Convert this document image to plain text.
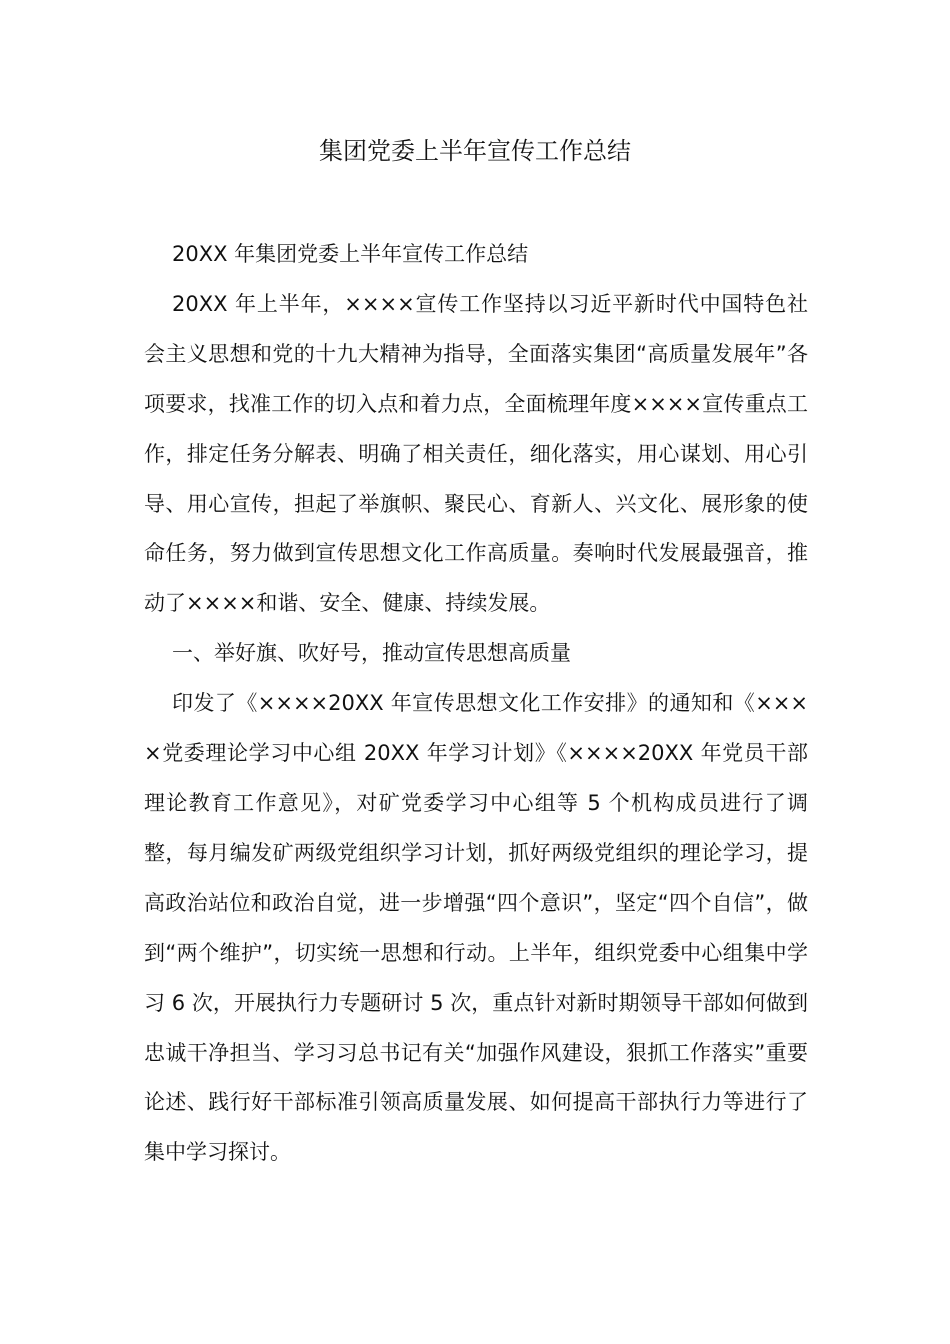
集团党委上半年宣传工作总结

20XX 年集团党委上半年宣传工作总结

20XX 年上半年，××××宣传工作坚持以习近平新时代中国特色社会主义思想和党的十九大精神为指导，全面落实集团“高质量发展年”各项要求，找准工作的切入点和着力点，全面梳理年度××××宣传重点工作，排定任务分解表、明确了相关责任，细化落实，用心谋划、用心引导、用心宣传，担起了举旗帜、聚民心、育新人、兴文化、展形象的使命任务，努力做到宣传思想文化工作高质量。奏响时代发展最强音，推动了××××和谐、安全、健康、持续发展。

一、举好旗、吹好号，推动宣传思想高质量

印发了《××××20XX 年宣传思想文化工作安排》的通知和《××××党委理论学习中心组 20XX 年学习计划》《××××20XX 年党员干部理论教育工作意见》，对矿党委学习中心组等 5 个机构成员进行了调整，每月编发矿两级党组织学习计划，抓好两级党组织的理论学习，提高政治站位和政治自觉，进一步增强“四个意识”，坚定“四个自信”，做到“两个维护”，切实统一思想和行动。上半年，组织党委中心组集中学习 6 次，开展执行力专题研讨 5 次，重点针对新时期领导干部如何做到忠诚干净担当、学习习总书记有关“加强作风建设，狠抓工作落实”重要论述、践行好干部标准引领高质量发展、如何提高干部执行力等进行了集中学习探讨。
